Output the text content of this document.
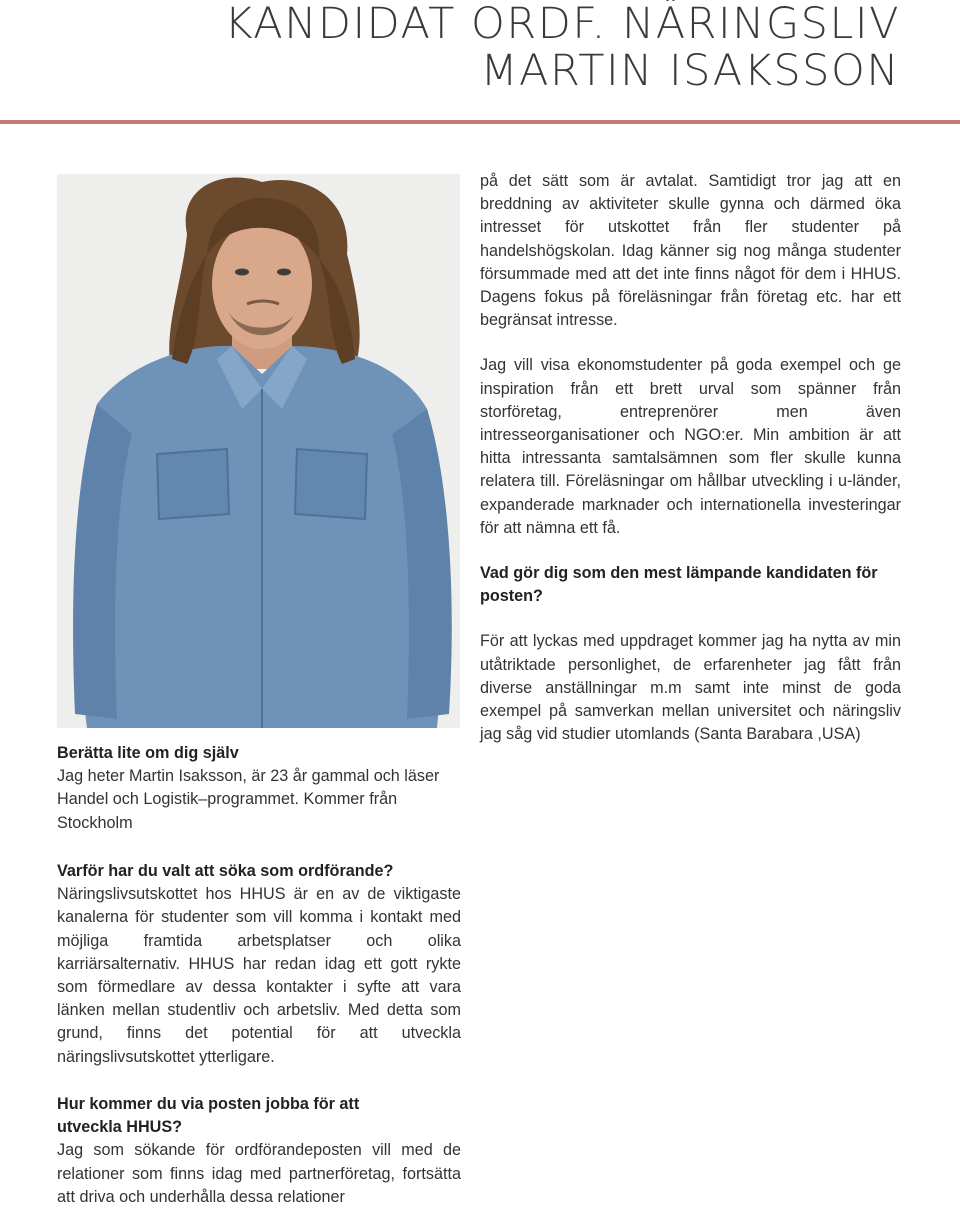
KANDIDAT ORDF. NÄRINGSLIV
MARTIN ISAKSSON

på det sätt som är avtalat. Samtidigt tror jag att en breddning av aktiviteter skulle gynna och därmed öka intresset för utskottet från fler studenter på handelshögskolan. Idag känner sig nog många studenter försummade med att det inte finns något för dem i HHUS. Dagens fokus på föreläsningar från företag etc. har ett begränsat intresse.

Jag vill visa ekonomstudenter på goda exempel och ge inspiration från ett brett urval som spänner från storföretag, entreprenörer men även intresseorganisationer och NGO:er. Min ambition är att hitta intressanta samtalsämnen som fler skulle kunna relatera till. Föreläsningar om hållbar utveckling i u-länder, expanderade marknader och internationella investeringar för att nämna ett få.

Vad gör dig som den mest lämpande kandidaten för posten?

För att lyckas med uppdraget kommer jag ha nytta av min utåtriktade personlighet, de erfarenheter jag fått från diverse anställningar m.m samt inte minst de goda exempel på samverkan mellan universitet och näringsliv jag såg vid studier utomlands (Santa Barabara ,USA)

Berätta lite om dig själv

Jag heter Martin Isaksson, är 23 år gammal och läser Handel och Logistik–programmet. Kommer från Stockholm

Varför har du valt att söka som ordförande?

Näringslivsutskottet hos HHUS är en av de viktigaste kanalerna för studenter som vill komma i kontakt med möjliga framtida arbetsplatser och olika karriärsalternativ. HHUS har redan idag ett gott rykte som förmedlare av dessa kontakter i syfte att vara länken mellan studentliv och arbetsliv. Med detta som grund, finns det potential för att utveckla näringslivsutskottet ytterligare.

Hur kommer du via posten jobba för att utveckla HHUS?

Jag som sökande för ordförandeposten vill med de relationer som finns idag med partnerföretag, fortsätta att driva och underhålla dessa relationer
